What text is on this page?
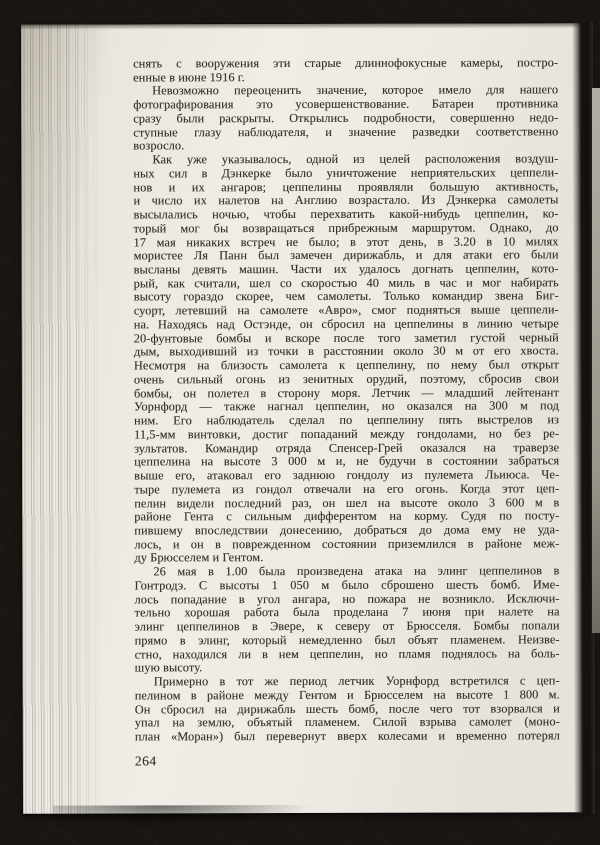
снять с вооружения эти старые длиннофокусные камеры, постро-
енные в июне 1916 г.
Невозможно переоценить значение, которое имело для нашего
фотографирования это усовершенствование. Батареи противника
сразу были раскрыты. Открылись подробности, совершенно недо-
ступные глазу наблюдателя, и значение разведки соответственно
возросло.
Как уже указывалось, одной из целей расположения воздуш-
ных сил в Дэнкерке было уничтожение неприятельских цеппели-
нов и их ангаров; цеппелины проявляли большую активность,
и число их налетов на Англию возрастало. Из Дэнкерка самолеты
высылались ночью, чтобы перехватить какой-нибудь цеппелин, ко-
торый мог бы возвращаться прибрежным маршрутом. Однако, до
17 мая никаких встреч не было; в этот день, в 3.20 в 10 милях
мористее Ля Панн был замечен дирижабль, и для атаки его были
высланы девять машин. Части их удалось догнать цеппелин, кото-
рый, как считали, шел со скоростью 40 миль в час и мог набирать
высоту гораздо скорее, чем самолеты. Только командир звена Биг-
суорт, летевший на самолете «Авро», смог подняться выше цеппели-
на. Находясь над Остэнде, он сбросил на цеппелины в линию четыре
20-фунтовые бомбы и вскоре после того заметил густой черный
дым, выходивший из точки в расстоянии около 30 м от его хвоста.
Несмотря на близость самолета к цеппелину, по нему был открыт
очень сильный огонь из зенитных орудий, поэтому, сбросив свои
бомбы, он полетел в сторону моря. Летчик — младший лейтенант
Уорнфорд — также нагнал цеппелин, но оказался на 300 м под
ним. Его наблюдатель сделал по цеппелину пять выстрелов из
11,5-мм винтовки, достиг попаданий между гондолами, но без ре-
зультатов. Командир отряда Спенсер-Грей оказался на траверзе
цеппелина на высоте 3 000 м и, не будучи в состоянии забраться
выше его, атаковал его заднюю гондолу из пулемета Льиюса. Че-
тыре пулемета из гондол отвечали на его огонь. Когда этот цеп-
пелин видели последний раз, он шел на высоте около 3 600 м в
районе Гента с сильным дифферентом на корму. Судя по посту-
пившему впоследствии донесению, добраться до дома ему не уда-
лось, и он в поврежденном состоянии приземлился в районе меж-
ду Брюсселем и Гентом.
26 мая в 1.00 была произведена атака на элинг цеппелинов в
Гонтродэ. С высоты 1 050 м было сброшено шесть бомб. Име-
лось попадание в угол ангара, но пожара не возникло. Исключи-
тельно хорошая работа была проделана 7 июня при налете на
элинг цеппелинов в Эвере, к северу от Брюсселя. Бомбы попали
прямо в элинг, который немедленно был объят пламенем. Неизве-
стно, находился ли в нем цеппелин, но пламя поднялось на боль-
шую высоту.
Примерно в тот же период летчик Уорнфорд встретился с цеп-
пелином в районе между Гентом и Брюсселем на высоте 1 800 м.
Он сбросил на дирижабль шесть бомб, после чего тот взорвался и
упал на землю, объятый пламенем. Силой взрыва самолет (моно-
план «Моран») был перевернут вверх колесами и временно потерял
264
